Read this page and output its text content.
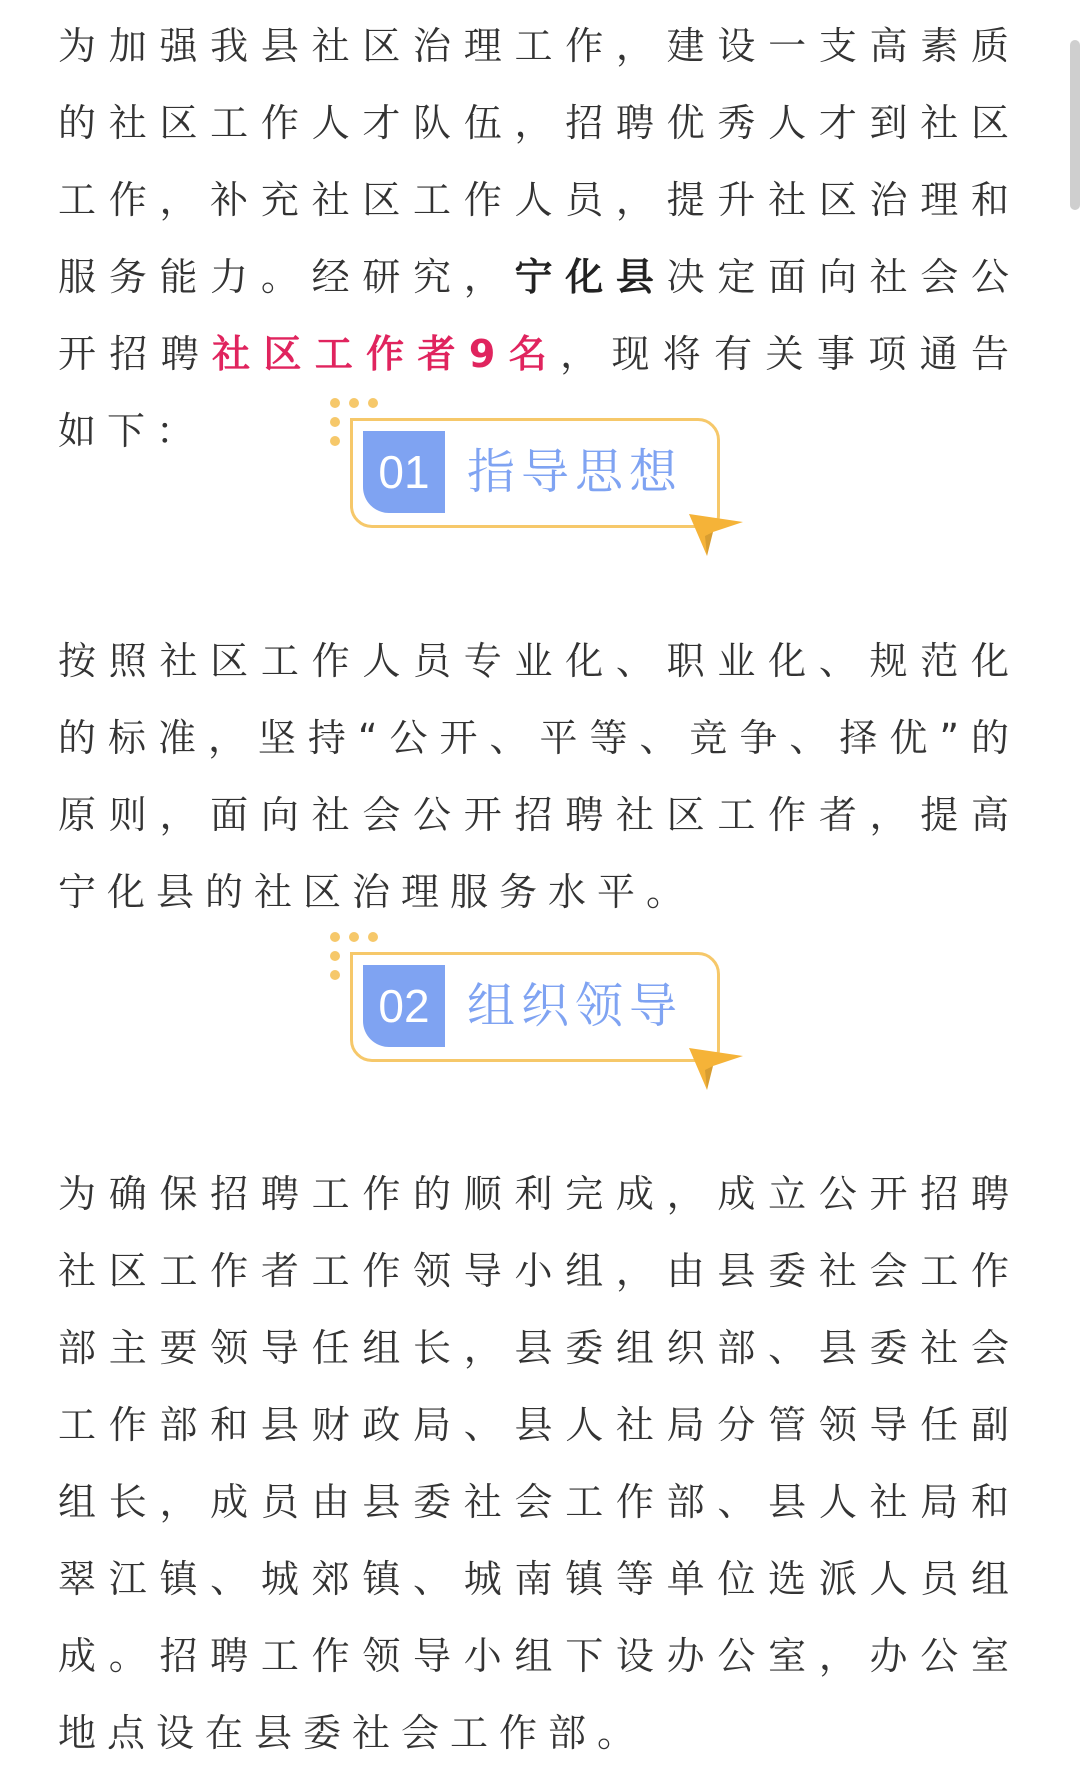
为加强我县社区治理工作，建设一支高素质的社区工作人才队伍，招聘优秀人才到社区工作，补充社区工作人员，提升社区治理和服务能力。经研究，宁化县决定面向社会公开招聘社区工作者9名，现将有关事项通告如下：

01 指导思想

按照社区工作人员专业化、职业化、规范化的标准，坚持“公开、平等、竞争、择优”的原则，面向社会公开招聘社区工作者，提高宁化县的社区治理服务水平。

02 组织领导

为确保招聘工作的顺利完成，成立公开招聘社区工作者工作领导小组，由县委社会工作部主要领导任组长，县委组织部、县委社会工作部和县财政局、县人社局分管领导任副组长，成员由县委社会工作部、县人社局和翠江镇、城郊镇、城南镇等单位选派人员组成。招聘工作领导小组下设办公室，办公室地点设在县委社会工作部。
